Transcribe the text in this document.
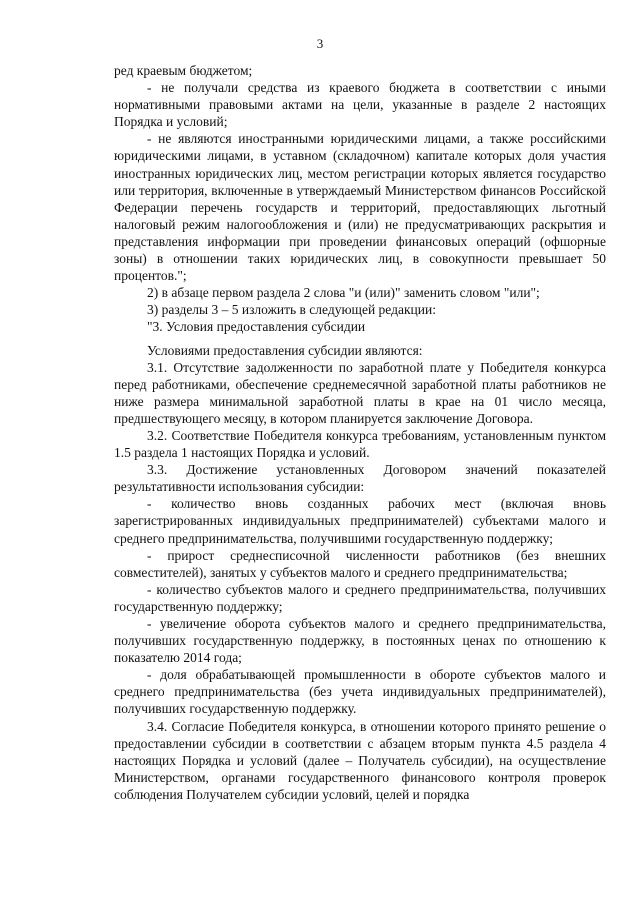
3

ред краевым бюджетом;

- не получали средства из краевого бюджета в соответствии с иными нормативными правовыми актами на цели, указанные в разделе 2 настоящих Порядка и условий;

- не являются иностранными юридическими лицами, а также российскими юридическими лицами, в уставном (складочном) капитале которых доля участия иностранных юридических лиц, местом регистрации которых является государство или территория, включенные в утверждаемый Министерством финансов Российской Федерации перечень государств и территорий, предоставляющих льготный налоговый режим налогообложения и (или) не предусматривающих раскрытия и представления информации при проведении финансовых операций (офшорные зоны) в отношении таких юридических лиц, в совокупности превышает 50 процентов.";

2) в абзаце первом раздела 2 слова "и (или)" заменить словом "или";

3) разделы 3 – 5 изложить в следующей редакции:

"3. Условия предоставления субсидии

Условиями предоставления субсидии являются:

3.1. Отсутствие задолженности по заработной плате у Победителя конкурса перед работниками, обеспечение среднемесячной заработной платы работников не ниже размера минимальной заработной платы в крае на 01 число месяца, предшествующего месяцу, в котором планируется заключение Договора.

3.2. Соответствие Победителя конкурса требованиям, установленным пунктом 1.5 раздела 1 настоящих Порядка и условий.

3.3. Достижение установленных Договором значений показателей результативности использования субсидии:

- количество вновь созданных рабочих мест (включая вновь зарегистрированных индивидуальных предпринимателей) субъектами малого и среднего предпринимательства, получившими государственную поддержку;

- прирост среднесписочной численности работников (без внешних совместителей), занятых у субъектов малого и среднего предпринимательства;

- количество субъектов малого и среднего предпринимательства, получивших государственную поддержку;

- увеличение оборота субъектов малого и среднего предпринимательства, получивших государственную поддержку, в постоянных ценах по отношению к показателю 2014 года;

- доля обрабатывающей промышленности в обороте субъектов малого и среднего предпринимательства (без учета индивидуальных предпринимателей), получивших государственную поддержку.

3.4. Согласие Победителя конкурса, в отношении которого принято решение о предоставлении субсидии в соответствии с абзацем вторым пункта 4.5 раздела 4 настоящих Порядка и условий (далее – Получатель субсидии), на осуществление Министерством, органами государственного финансового контроля проверок соблюдения Получателем субсидии условий, целей и порядка
